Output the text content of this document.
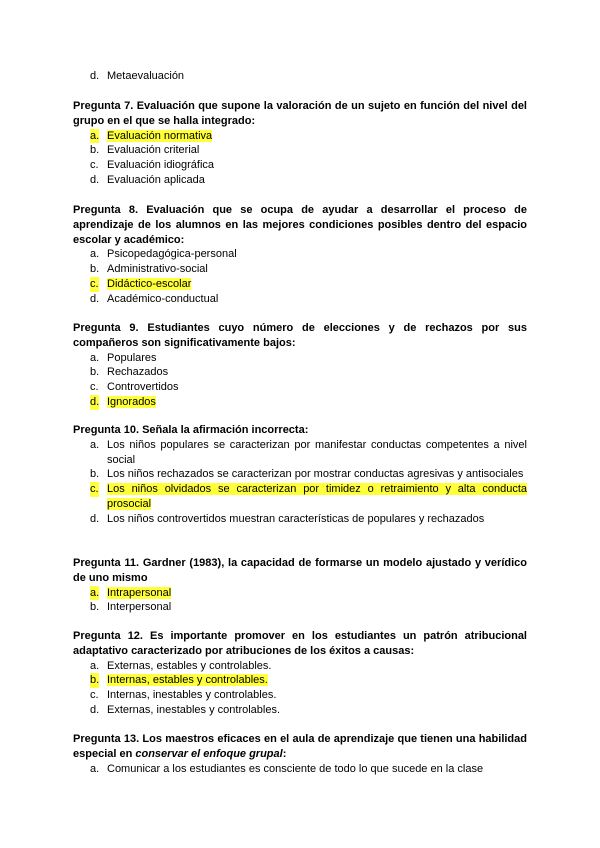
d. Metaevaluación
Pregunta 7. Evaluación que supone la valoración de un sujeto en función del nivel del grupo en el que se halla integrado:
a. Evaluación normativa
b. Evaluación criterial
c. Evaluación idiográfica
d. Evaluación aplicada
Pregunta 8. Evaluación que se ocupa de ayudar a desarrollar el proceso de aprendizaje de los alumnos en las mejores condiciones posibles dentro del espacio escolar y académico:
a. Psicopedagógica-personal
b. Administrativo-social
c. Didáctico-escolar
d. Académico-conductual
Pregunta 9. Estudiantes cuyo número de elecciones y de rechazos por sus compañeros son significativamente bajos:
a. Populares
b. Rechazados
c. Controvertidos
d. Ignorados
Pregunta 10. Señala la afirmación incorrecta:
a. Los niños populares se caracterizan por manifestar conductas competentes a nivel social
b. Los niños rechazados se caracterizan por mostrar conductas agresivas y antisociales
c. Los niños olvidados se caracterizan por timidez o retraimiento y alta conducta prosocial
d. Los niños controvertidos muestran características de populares y rechazados
Pregunta 11. Gardner (1983), la capacidad de formarse un modelo ajustado y verídico de uno mismo
a. Intrapersonal
b. Interpersonal
Pregunta 12. Es importante promover en los estudiantes un patrón atribucional adaptativo caracterizado por atribuciones de los éxitos a causas:
a. Externas, estables y controlables.
b. Internas, estables y controlables.
c. Internas, inestables y controlables.
d. Externas, inestables y controlables.
Pregunta 13. Los maestros eficaces en el aula de aprendizaje que tienen una habilidad especial en conservar el enfoque grupal:
a. Comunicar a los estudiantes es consciente de todo lo que sucede en la clase
